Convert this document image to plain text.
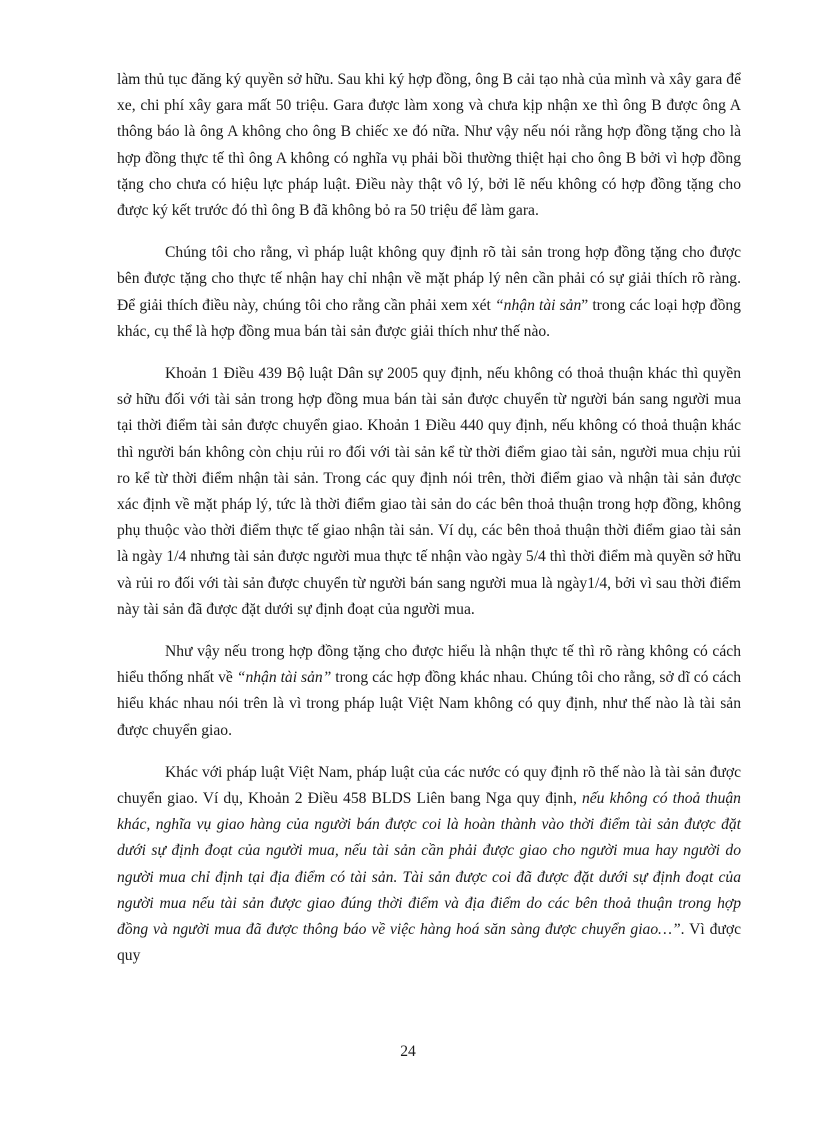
làm thủ tục đăng ký quyền sở hữu. Sau khi ký hợp đồng, ông B cải tạo nhà của mình và xây gara để xe, chi phí xây gara mất 50 triệu. Gara được làm xong và chưa kịp nhận xe thì ông B được ông A thông báo là ông A không cho ông B chiếc xe đó nữa. Như vậy nếu nói rằng hợp đồng tặng cho là hợp đồng thực tế thì ông A không có nghĩa vụ phải bồi thường thiệt hại cho ông B bởi vì hợp đồng tặng cho chưa có hiệu lực pháp luật. Điều này thật vô lý, bởi lẽ nếu không có hợp đồng tặng cho được ký kết trước đó thì ông B đã không bỏ ra 50 triệu để làm gara.

Chúng tôi cho rằng, vì pháp luật không quy định rõ tài sản trong hợp đồng tặng cho được bên được tặng cho thực tế nhận hay chỉ nhận về mặt pháp lý nên cần phải có sự giải thích rõ ràng. Để giải thích điều này, chúng tôi cho rằng cần phải xem xét “nhận tài sản” trong các loại hợp đồng khác, cụ thể là hợp đồng mua bán tài sản được giải thích như thế nào.

Khoản 1 Điều 439 Bộ luật Dân sự 2005 quy định, nếu không có thoả thuận khác thì quyền sở hữu đối với tài sản trong hợp đồng mua bán tài sản được chuyển từ người bán sang người mua tại thời điểm tài sản được chuyển giao. Khoản 1 Điều 440 quy định, nếu không có thoả thuận khác thì người bán không còn chịu rủi ro đối với tài sản kể từ thời điểm giao tài sản, người mua chịu rủi ro kể từ thời điểm nhận tài sản. Trong các quy định nói trên, thời điểm giao và nhận tài sản được xác định về mặt pháp lý, tức là thời điểm giao tài sản do các bên thoả thuận trong hợp đồng, không phụ thuộc vào thời điểm thực tế giao nhận tài sản. Ví dụ, các bên thoả thuận thời điểm giao tài sản là ngày 1/4 nhưng tài sản được người mua thực tế nhận vào ngày 5/4 thì thời điểm mà quyền sở hữu và rủi ro đối với tài sản được chuyển từ người bán sang người mua là ngày1/4, bởi vì sau thời điểm này tài sản đã được đặt dưới sự định đoạt của người mua.

Như vậy nếu trong hợp đồng tặng cho được hiểu là nhận thực tế thì rõ ràng không có cách hiểu thống nhất về “nhận tài sản” trong các hợp đồng khác nhau. Chúng tôi cho rằng, sở dĩ có cách hiểu khác nhau nói trên là vì trong pháp luật Việt Nam không có quy định, như thế nào là tài sản được chuyển giao.

Khác với pháp luật Việt Nam, pháp luật của các nước có quy định rõ thế nào là tài sản được chuyển giao. Ví dụ, Khoản 2 Điều 458 BLDS Liên bang Nga quy định, nếu không có thoả thuận khác, nghĩa vụ giao hàng của người bán được coi là hoàn thành vào thời điểm tài sản được đặt dưới sự định đoạt của người mua, nếu tài sản cần phải được giao cho người mua hay người do người mua chỉ định tại địa điểm có tài sản. Tài sản được coi đã được đặt dưới sự định đoạt của người mua nếu tài sản được giao đúng thời điểm và địa điểm do các bên thoả thuận trong hợp đồng và người mua đã được thông báo về việc hàng hoá săn sàng được chuyển giao…”. Vì được quy

24
